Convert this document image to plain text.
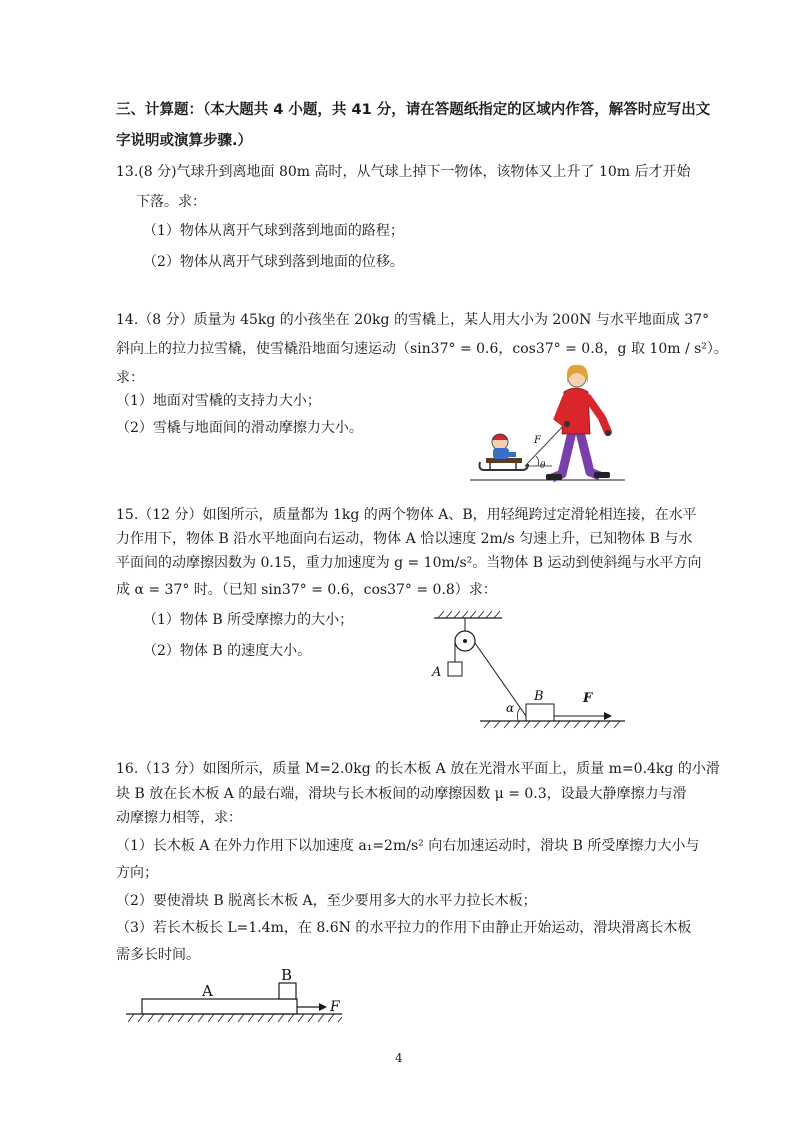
三、计算题：（本大题共 4 小题，共 41 分，请在答题纸指定的区域内作答，解答时应写出文
字说明或演算步骤.）
13.(8 分)气球升到离地面 80m 高时，从气球上掉下一物体，该物体又上升了 10m 后才开始
下落。求：
（1）物体从离开气球到落到地面的路程；
（2）物体从离开气球到落到地面的位移。
14.（8 分）质量为 45kg 的小孩坐在 20kg 的雪橇上，某人用大小为 200N 与水平地面成 37°
斜向上的拉力拉雪橇，使雪橇沿地面匀速运动（sin37° = 0.6，cos37° = 0.8，g 取 10m / s²）。
求：
（1）地面对雪橇的支持力大小；
（2）雪橇与地面间的滑动摩擦力大小。
F
θ
15.（12 分）如图所示，质量都为 1kg 的两个物体 A、B，用轻绳跨过定滑轮相连接，在水平
力作用下，物体 B 沿水平地面向右运动，物体 A 恰以速度 2m/s 匀速上升，已知物体 B 与水
平面间的动摩擦因数为 0.15，重力加速度为 g = 10m/s²。当物体 B 运动到使斜绳与水平方向
成 α = 37° 时。（已知 sin37° = 0.6，cos37° = 0.8）求：
（1）物体 B 所受摩擦力的大小；
（2）物体 B 的速度大小。
A
B	F
α
16.（13 分）如图所示，质量 M=2.0kg 的长木板 A 放在光滑水平面上，质量 m=0.4kg 的小滑
块 B 放在长木板 A 的最右端，滑块与长木板间的动摩擦因数 μ = 0.3，设最大静摩擦力与滑
动摩擦力相等，求：
（1）长木板 A 在外力作用下以加速度 a₁=2m/s² 向右加速运动时，滑块 B 所受摩擦力大小与
方向；
（2）要使滑块 B 脱离长木板 A，至少要用多大的水平力拉长木板；
（3）若长木板长 L=1.4m，在 8.6N 的水平拉力的作用下由静止开始运动，滑块滑离长木板
需多长时间。
A
B
F
4
